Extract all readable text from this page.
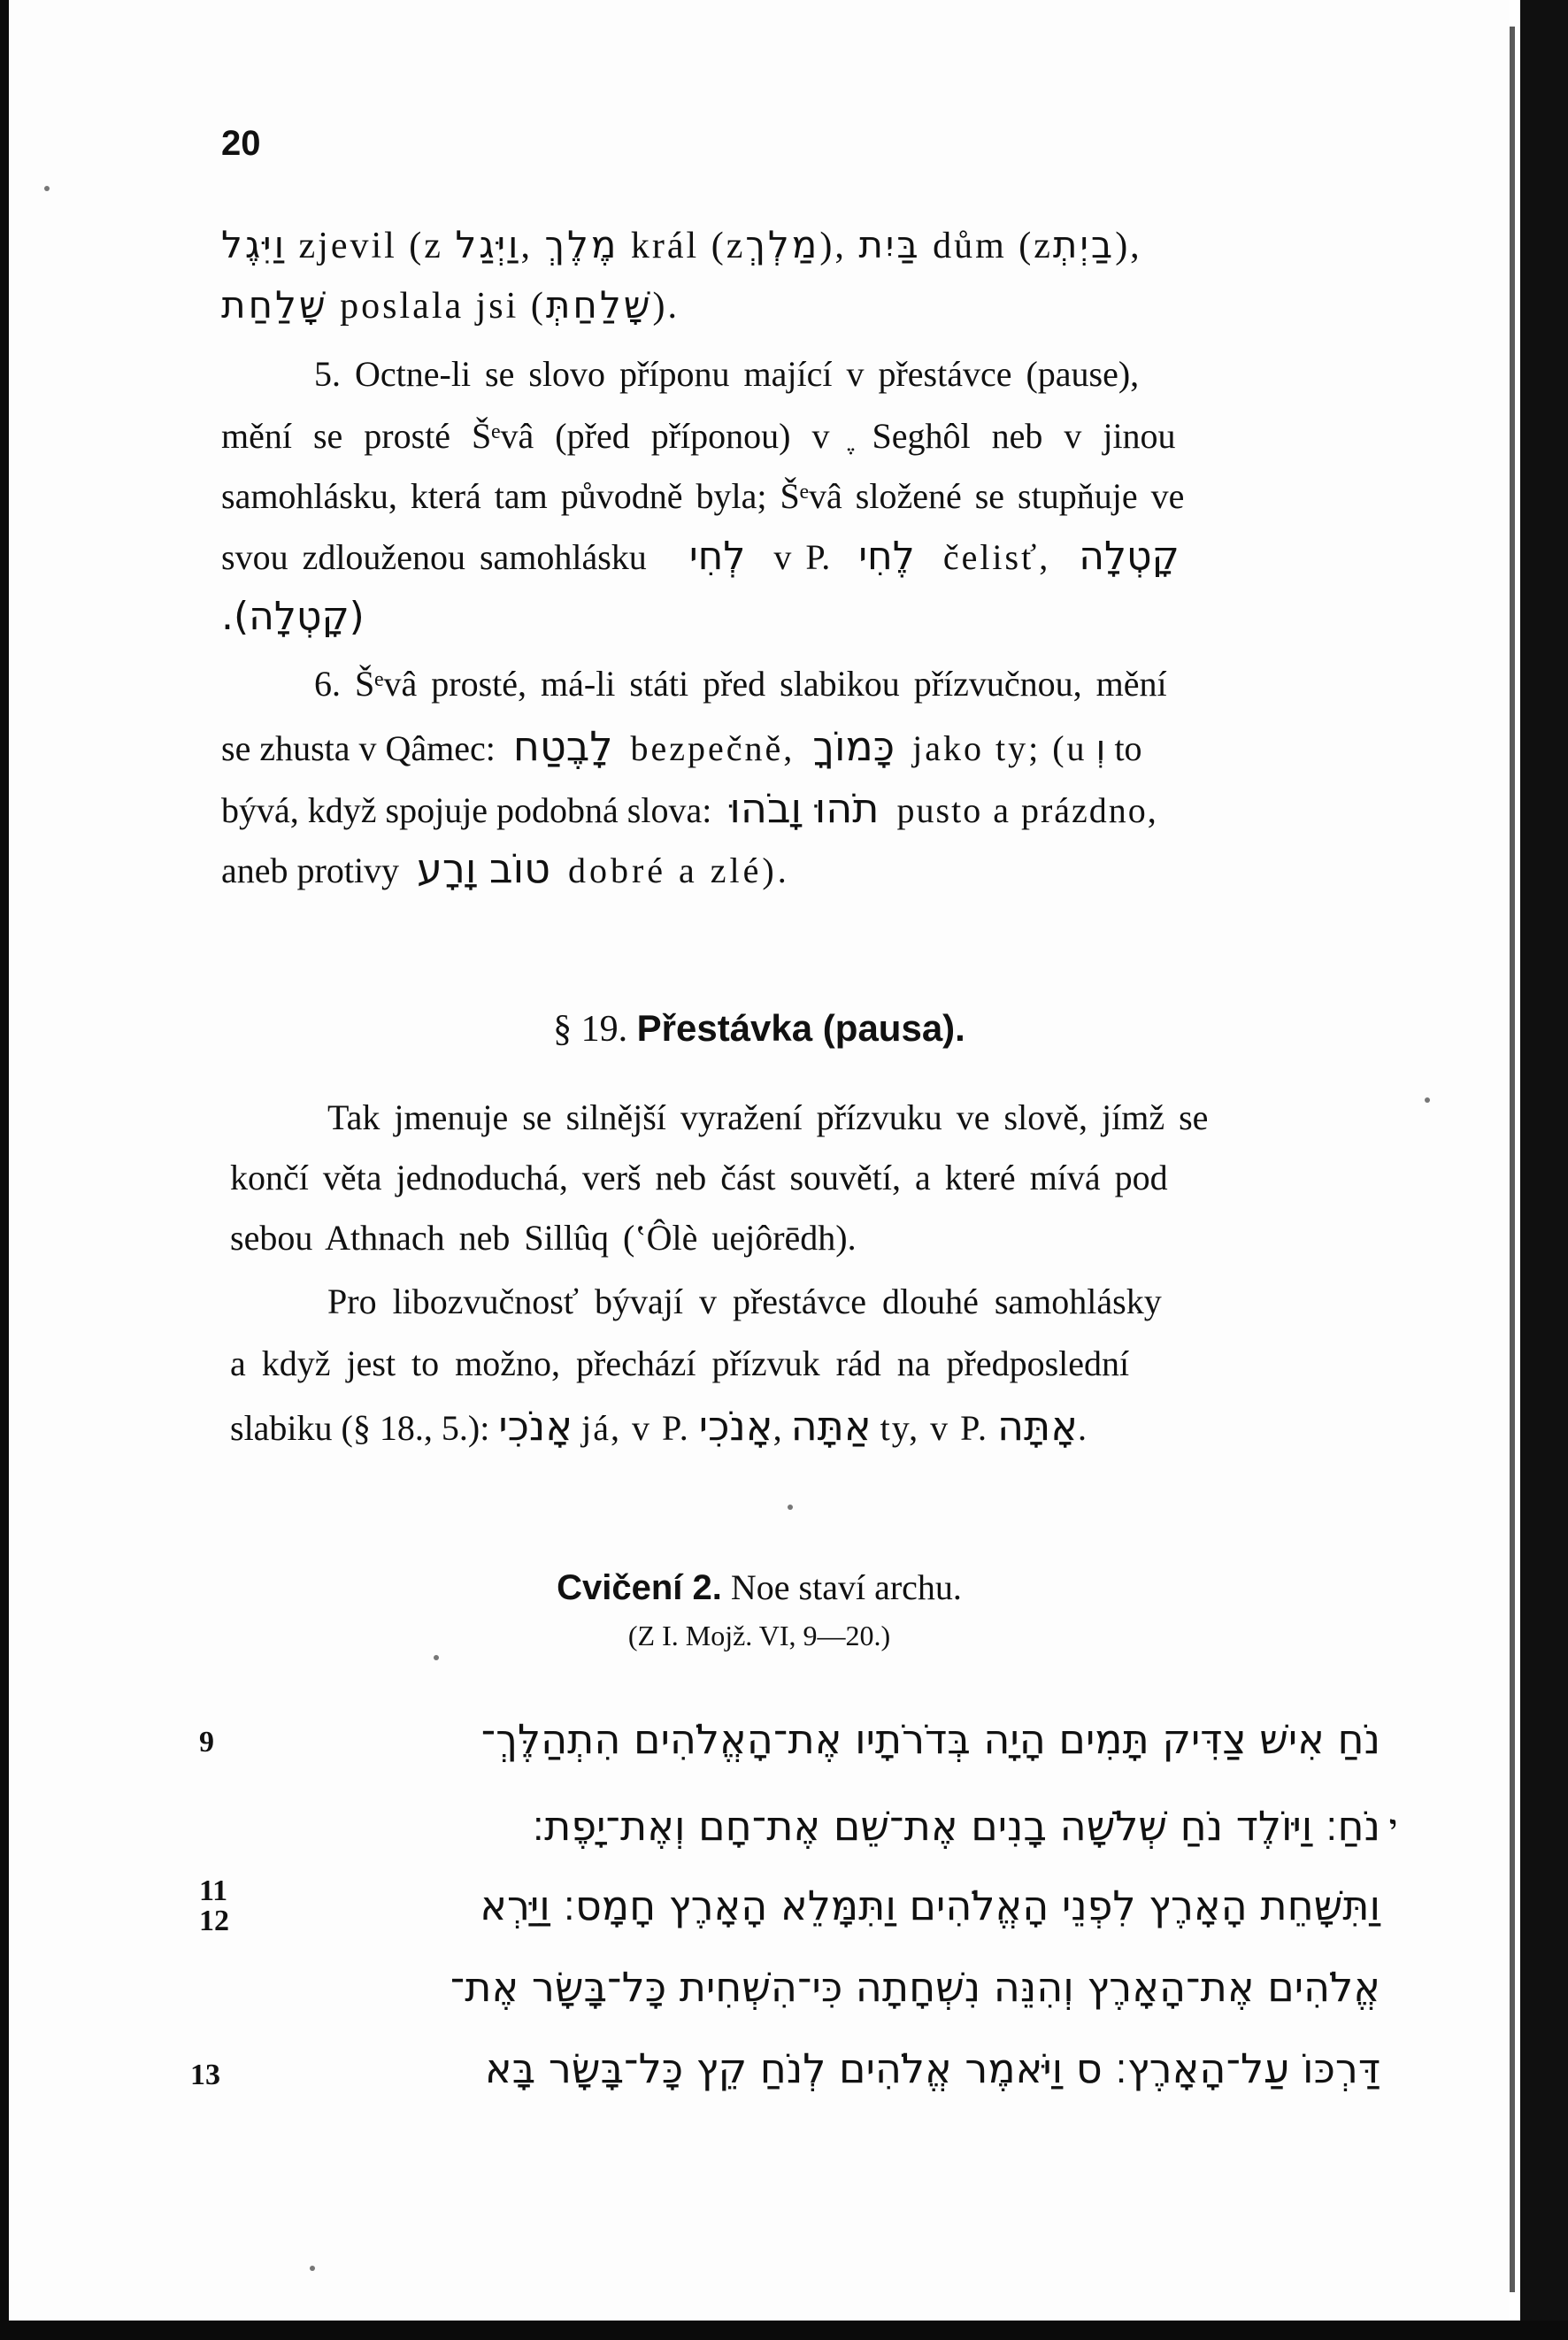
20
וַיִּגֶל zjevil (z וַיְּגַל, מֶלֶךְ král (zמַלְךְ), בַּיִת dům (zבַיְתְ),
שָׁלַחַת poslala jsi (שָׁלַחַתְּ).
5. Octne-li se slovo příponu mající v přestávce (pause),
mění se prosté Šᵉvâ (před příponou) v ֶ Seghôl neb v jinou
samohlásku, která tam původně byla; Šᵉvâ složené se stupňuje ve
svou zdlouženou samohlásku לְחִי v P. לֶחִי čelisť, קָטְלָה
(קָטְלָה).
6. Šᵉvâ prosté, má-li státi před slabikou přízvučnou, mění
se zhusta v Qâmec: לָבֶטַח bezpečně, כָּמוֹךָ jako ty; (u וְ to
bývá, když spojuje podobná slova: תֹהוּ וָבֹהוּ pusto a prázdno,
aneb protivy טוֹב וָרָע dobré a zlé).
§ 19. Přestávka (pausa).
Tak jmenuje se silnější vyražení přízvuku ve slově, jímž se
končí věta jednoduchá, verš neb část souvětí, a které mívá pod
sebou Athnach neb Sillûq (‛Ôlè uejôrēdh).
Pro libozvučnosť bývají v přestávce dlouhé samohlásky
a když jest to možno, přechází přízvuk rád na předposlední
slabiku (§ 18., 5.): אָנֹכִי já, v P. אָנֹכִי, אַתָּה ty, v P. אָתָּה.
Cvičení 2. Noe staví archu.
(Z I. Mojž. VI, 9—20.)
9	נֹחַ אִישׁ צַדִּיק תָּמִים הָיָה בְּדֹרֹתָיו אֶת־הָאֱלֹהִים הִתְהַלֶּךְ־
נֹחַ׃ וַיּוֹלֶד נֹחַ שְׁלֹשָׁה בָנִים אֶת־שֵׁם אֶת־חָם וְאֶת־יָפֶת׃ י
11
12	וַתִּשָּׁחֵת הָאָרֶץ לִפְנֵי הָאֱלֹהִים וַתִּמָּלֵא הָאָרֶץ חָמָס׃ וַיַּרְא
אֱלֹהִים אֶת־הָאָרֶץ וְהִנֵּה נִשְׁחָתָה כִּי־הִשְׁחִית כָּל־בָּשָׂר אֶת־
13	דַּרְכּוֹ עַל־הָאָרֶץ׃ ס וַיֹּאמֶר אֱלֹהִים לְנֹחַ קֵץ כָּל־בָּשָׂר בָּא
